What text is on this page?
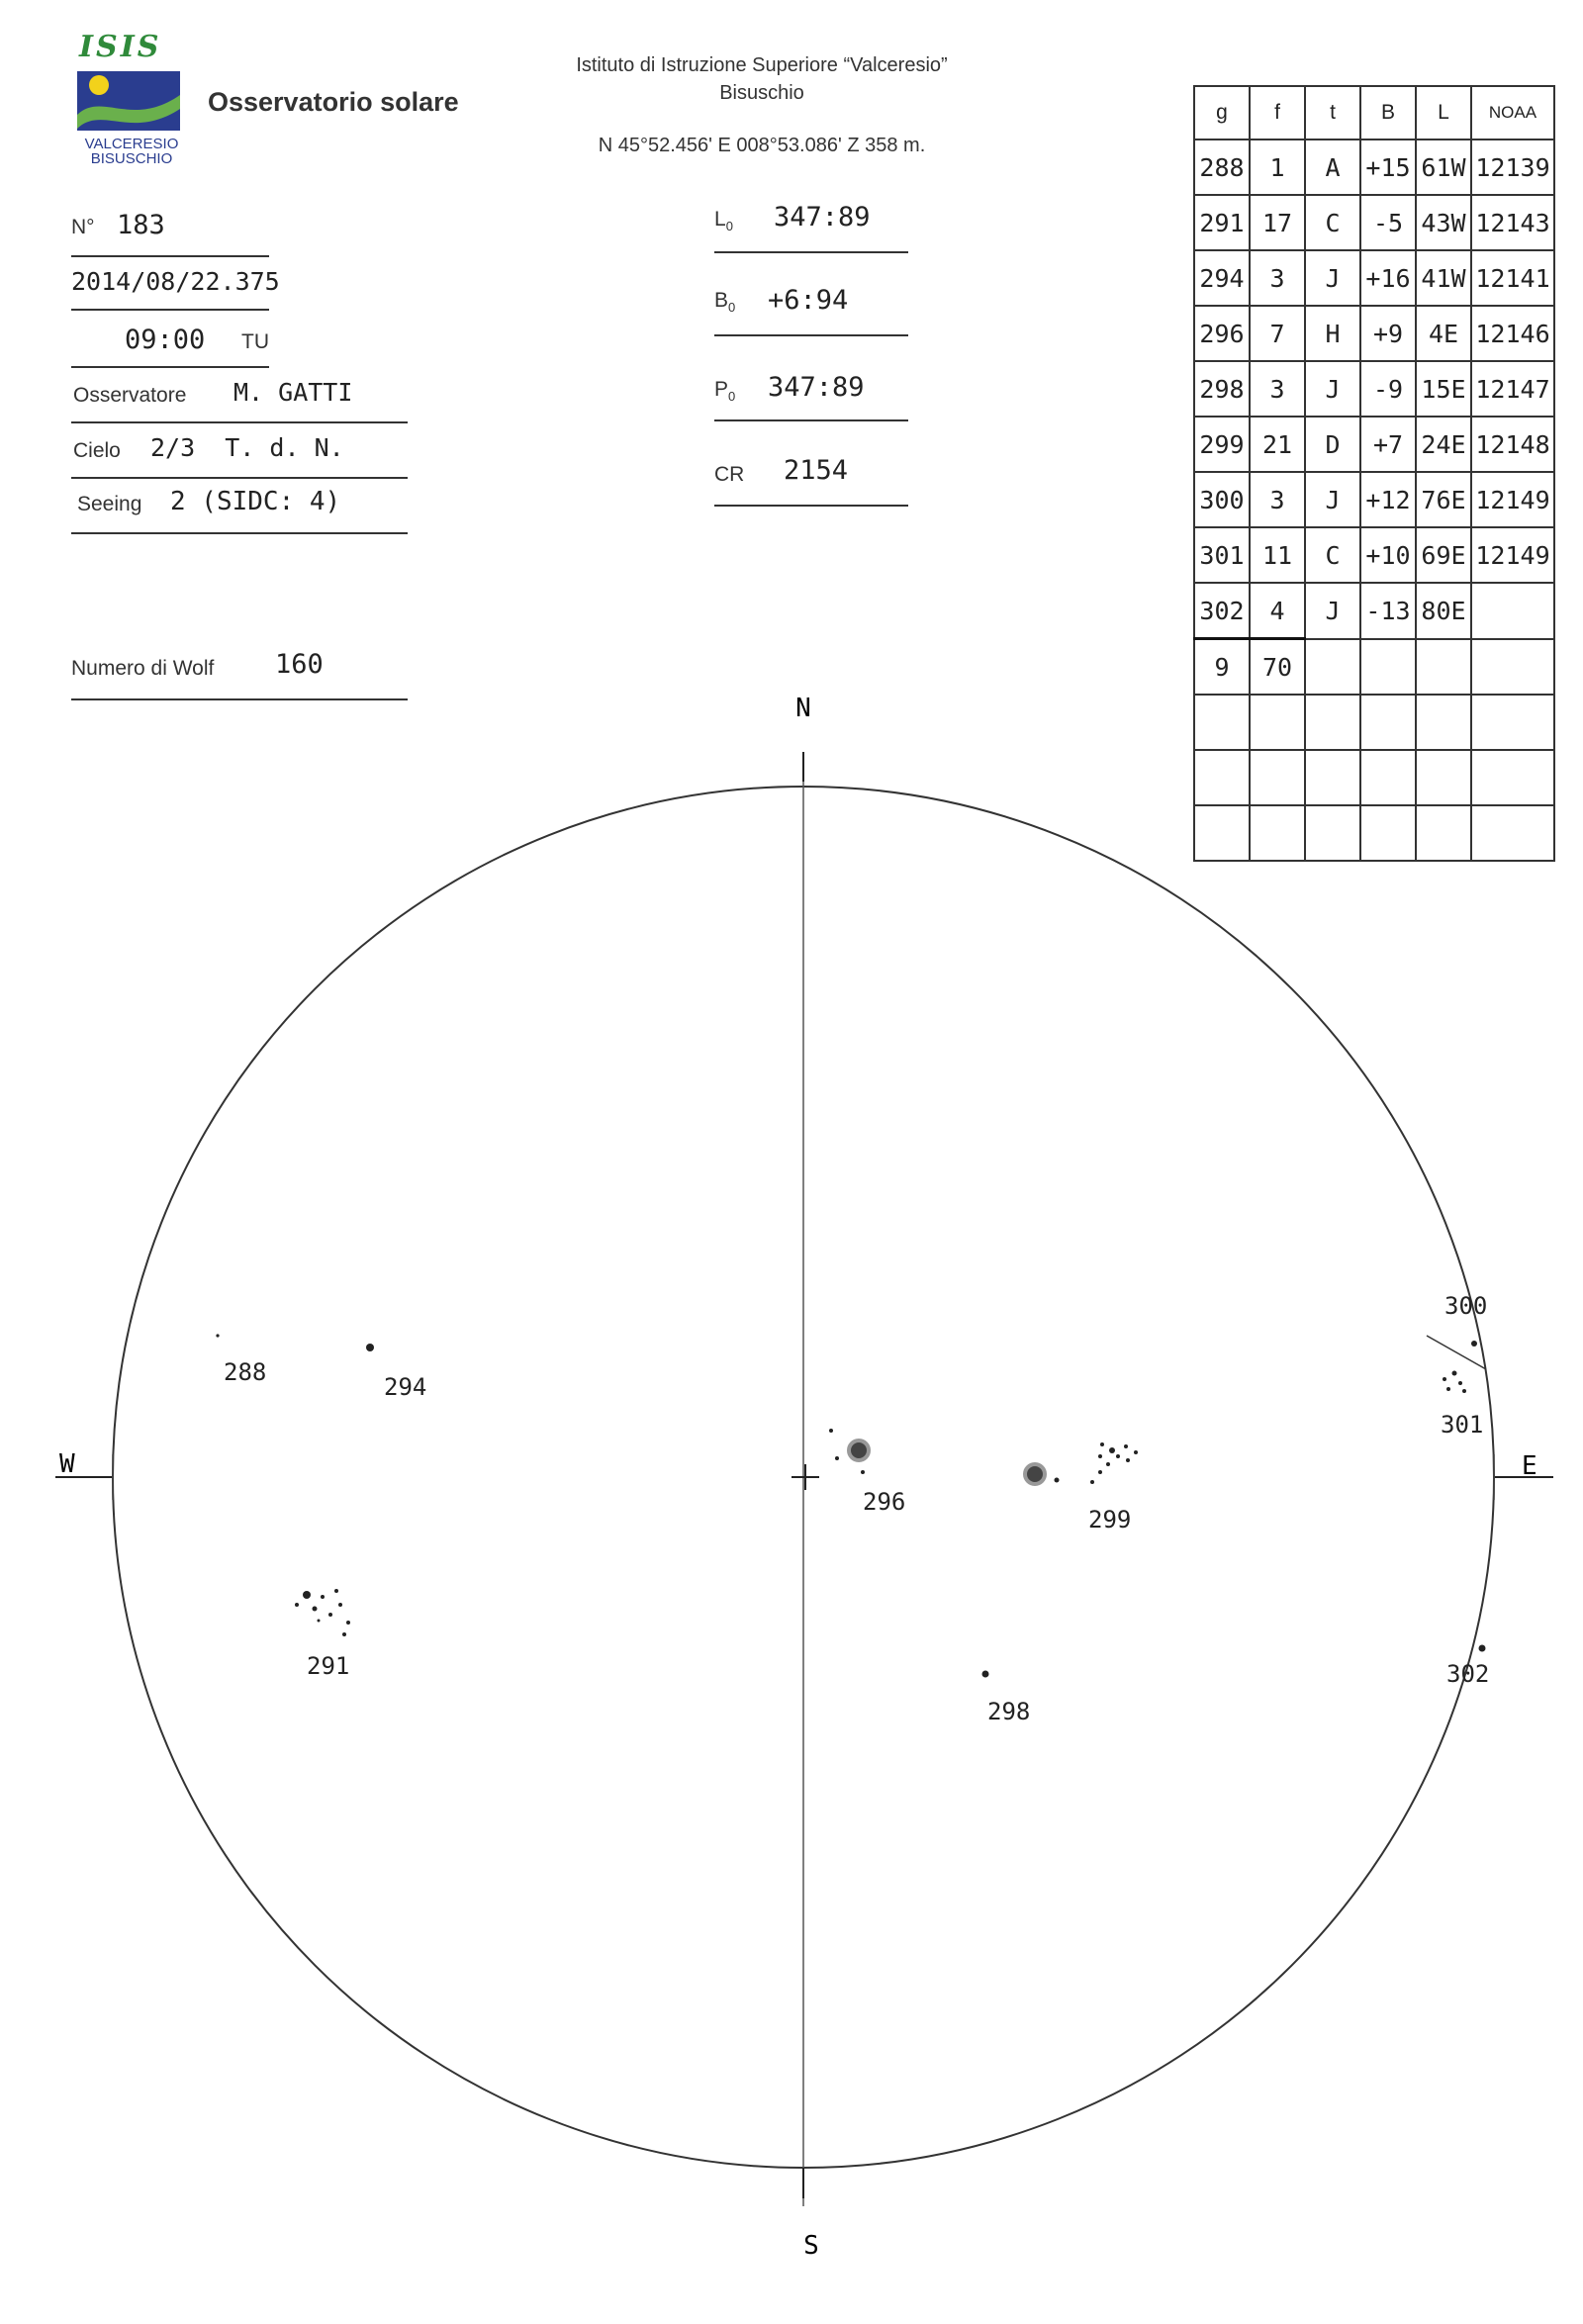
ISIS
VALCERESIO
BISUSCHIO
Osservatorio solare
Istituto di Istruzione Superiore “Valceresio”
Bisuschio
N 45°52.456' E 008°53.086' Z 358 m.
N° 183
2014/08/22.375
09:00 TU
Osservatore M. GATTI
Cielo 2/3  T. d. N.
Seeing 2 (SIDC: 4)
Numero di Wolf 160
$L_0$ 347:89
$B_0$ +6:94
$P_0$ 347:89
CR 2154
g	f	t	B	L	NOAA
288	1	A	+15	61W	12139
291	17	C	-5	43W	12143
294	3	J	+16	41W	12141
296	7	H	+9	4E	12146
298	3	J	-9	15E	12147
299	21	D	+7	24E	12148
300	3	J	+12	76E	12149
301	11	C	+10	69E	12149
302	4	J	-13	80E	
9	70				

N
S
W	E
288
294
291
296
299
298
300
301
302
